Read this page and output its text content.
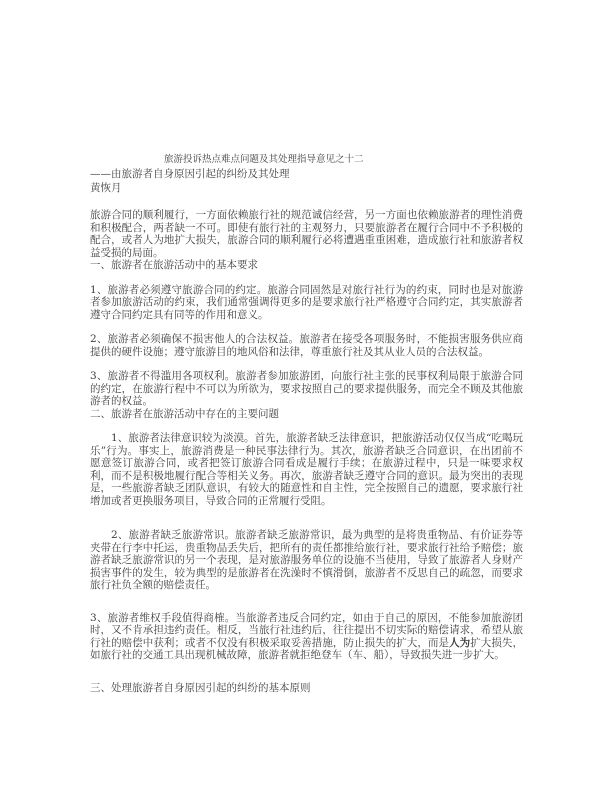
旅游投诉热点难点问题及其处理指导意见之十二
——由旅游者自身原因引起的纠纷及其处理
黄恢月

旅游合同的顺利履行，一方面依赖旅行社的规范诚信经营，另一方面也依赖旅游者的理性消费和积极配合，两者缺一不可。即使有旅行社的主观努力，只要旅游者在履行合同中不予积极的配合，或者人为地扩大损失，旅游合同的顺利履行必将遭遇重重困难，造成旅行社和旅游者权益受损的局面。

一、旅游者在旅游活动中的基本要求

1、旅游者必须遵守旅游合同的约定。旅游合同固然是对旅行社行为的约束，同时也是对旅游者参加旅游活动的约束，我们通常强调得更多的是要求旅行社严格遵守合同约定，其实旅游者遵守合同约定具有同等的作用和意义。

2、旅游者必须确保不损害他人的合法权益。旅游者在接受各项服务时，不能损害服务供应商提供的硬件设施；遵守旅游目的地风俗和法律，尊重旅行社及其从业人员的合法权益。

3、旅游者不得滥用各项权利。旅游者参加旅游团，向旅行社主张的民事权利局限于旅游合同的约定，在旅游行程中不可以为所欲为，要求按照自己的要求提供服务，而完全不顾及其他旅游者的权益。

二、旅游者在旅游活动中存在的主要问题

1、旅游者法律意识较为淡漠。首先，旅游者缺乏法律意识，把旅游活动仅仅当成“吃喝玩乐”行为。事实上，旅游消费是一种民事法律行为。其次，旅游者缺乏合同意识，在出团前不愿意签订旅游合同，或者把签订旅游合同看成是履行手续；在旅游过程中，只是一味要求权利，而不是积极地履行配合等相关义务。再次，旅游者缺乏遵守合同的意识。最为突出的表现是，一些旅游者缺乏团队意识，有较大的随意性和自主性，完全按照自己的遗愿，要求旅行社增加或者更换服务项目，导致合同的正常履行受阻。

2、旅游者缺乏旅游常识。旅游者缺乏旅游常识，最为典型的是将贵重物品、有价证券等夹带在行李中托运，贵重物品丢失后，把所有的责任都推给旅行社，要求旅行社给予赔偿；旅游者缺乏旅游常识的另一个表现，是对旅游服务单位的设施不当使用，导致了旅游者人身财产损害事件的发生，较为典型的是旅游者在洗澡时不慎滑倒，旅游者不反思自己的疏忽，而要求旅行社负全额的赔偿责任。

3、旅游者维权手段值得商榷。当旅游者违反合同约定，如由于自己的原因，不能参加旅游团时，又不肯承担违约责任。相反，当旅行社违约后，往往提出不切实际的赔偿请求，希望从旅行社的赔偿中获利；或者不仅没有积极采取妥善措施，防止损失的扩大，而是人为扩大损失，如旅行社的交通工具出现机械故障，旅游者就拒绝登车（车、船），导致损失进一步扩大。

三、处理旅游者自身原因引起的纠纷的基本原则
